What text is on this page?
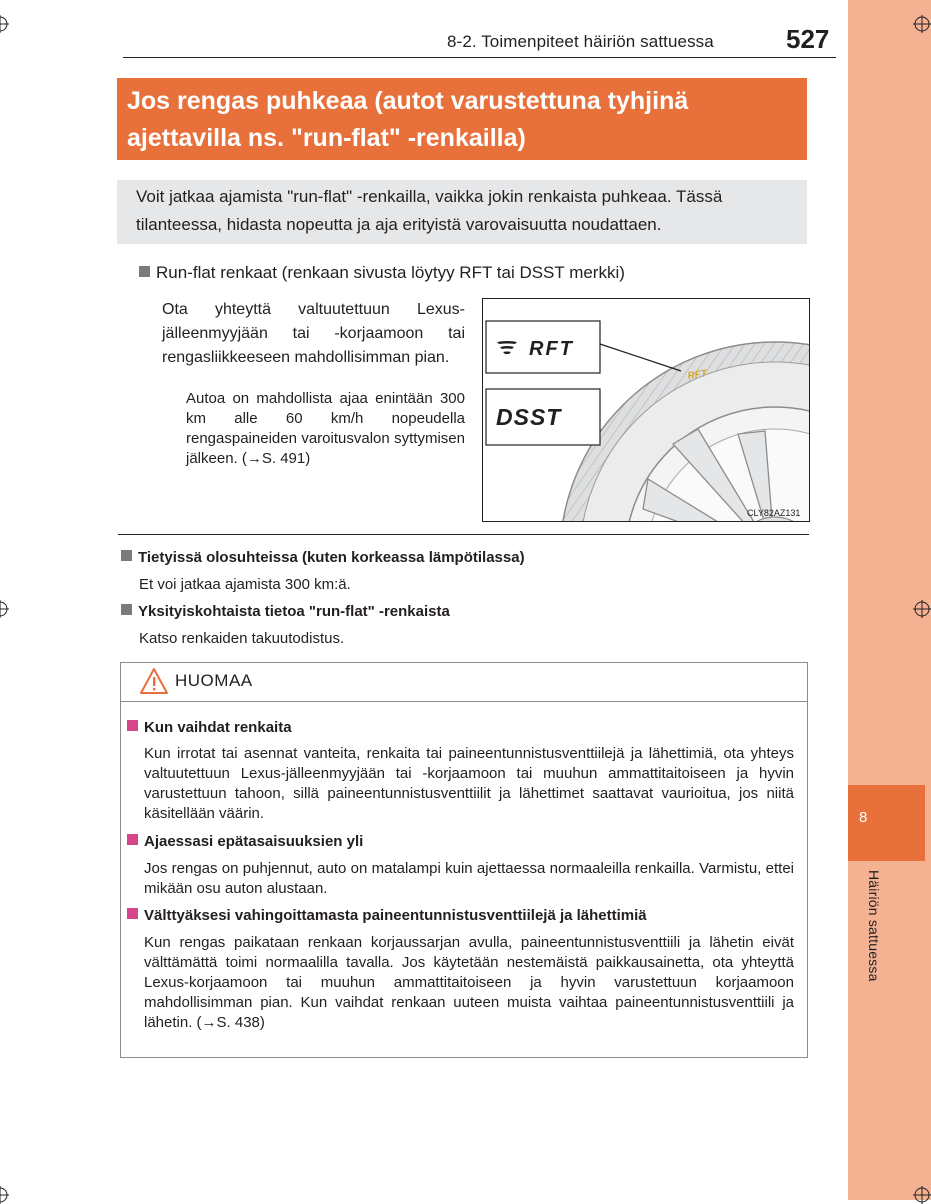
8
Häiriön sattuessa
8-2. Toimenpiteet häiriön sattuessa	527
Jos rengas puhkeaa (autot varustettuna tyhjinä ajettavilla ns. "run-flat" -renkailla)
Voit jatkaa ajamista "run-flat" -renkailla, vaikka jokin renkaista puhkeaa. Tässä tilanteessa, hidasta nopeutta ja aja erityistä varovaisuutta noudattaen.
Run-flat renkaat (renkaan sivusta löytyy RFT tai DSST merkki)
Ota yhteyttä valtuutettuun Lexus-jälleenmyyjään tai -korjaamoon tai rengasliikkeeseen mahdollisimman pian.
Autoa on mahdollista ajaa enintään 300 km alle 60 km/h nopeudella rengaspaineiden varoitusvalon syttymisen jälkeen. (→S. 491)
RFT
RFT
DSST
CLY82AZ131
Tietyissä olosuhteissa (kuten korkeassa lämpötilassa)
Et voi jatkaa ajamista 300 km:ä.
Yksityiskohtaista tietoa "run-flat" -renkaista
Katso renkaiden takuutodistus.
HUOMAA
Kun vaihdat renkaita
Kun irrotat tai asennat vanteita, renkaita tai paineentunnistusventtiilejä ja lähettimiä, ota yhteys valtuutettuun Lexus-jälleenmyyjään tai -korjaamoon tai muuhun ammattitaitoiseen ja hyvin varustettuun tahoon, sillä paineentunnistusventtiilit ja lähettimet saattavat vaurioitua, jos niitä käsitellään väärin.
Ajaessasi epätasaisuuksien yli
Jos rengas on puhjennut, auto on matalampi kuin ajettaessa normaaleilla renkailla. Varmistu, ettei mikään osu auton alustaan.
Välttyäksesi vahingoittamasta paineentunnistusventtiilejä ja lähettimiä
Kun rengas paikataan renkaan korjaussarjan avulla, paineentunnistusventtiili ja lähetin eivät välttämättä toimi normaalilla tavalla. Jos käytetään nestemäistä paikkausainetta, ota yhteyttä Lexus-korjaamoon tai muuhun ammattitaitoiseen ja hyvin varustettuun korjaamoon mahdollisimman pian. Kun vaihdat renkaan uuteen muista vaihtaa paineentunnistusventtiili ja lähetin. (→S. 438)
